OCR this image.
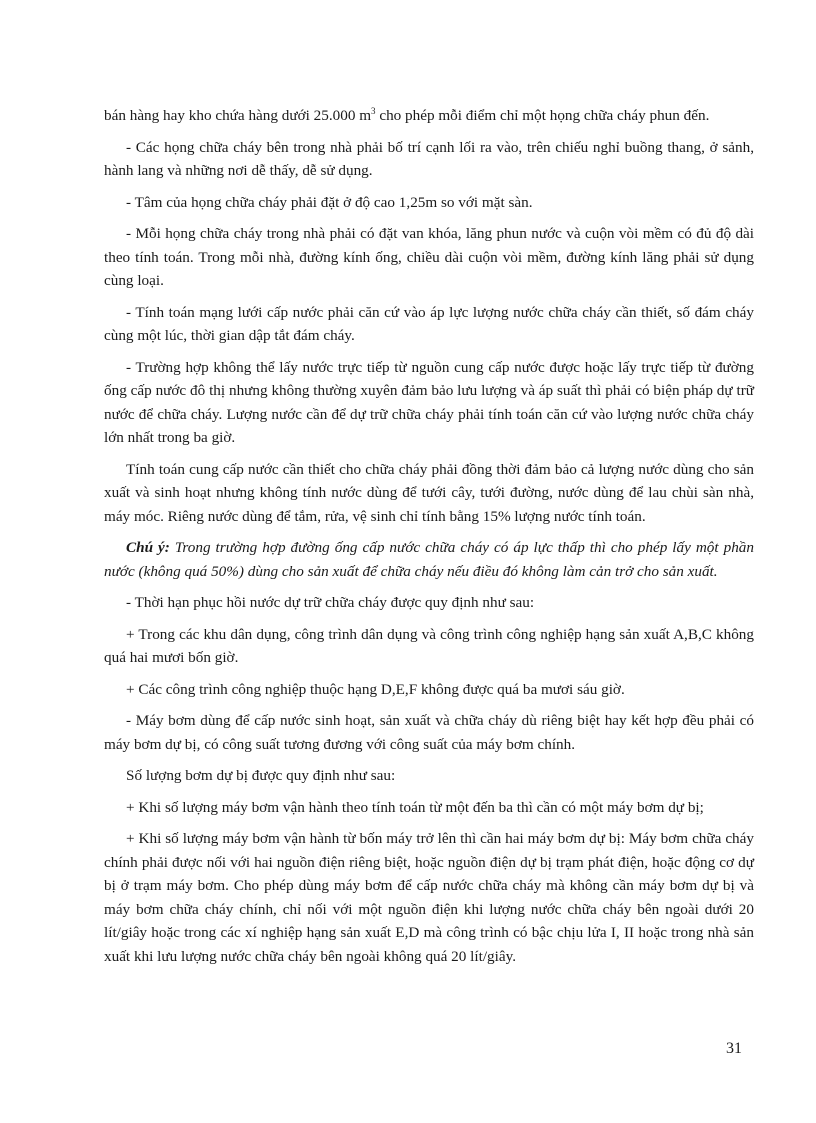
bán hàng hay kho chứa hàng dưới 25.000 $m^3$ cho phép mỗi điểm chỉ một họng chữa cháy phun đến.

- Các họng chữa cháy bên trong nhà phải bố trí cạnh lối ra vào, trên chiếu nghỉ buồng thang, ở sảnh, hành lang và những nơi dễ thấy, dễ sử dụng.

- Tâm của họng chữa cháy phải đặt ở độ cao 1,25m so với mặt sàn.

- Mỗi họng chữa cháy trong nhà phải có đặt van khóa, lăng phun nước và cuộn vòi mềm có đủ độ dài theo tính toán. Trong mỗi nhà, đường kính ống, chiều dài cuộn vòi mềm, đường kính lăng phải sử dụng cùng loại.

- Tính toán mạng lưới cấp nước phải căn cứ vào áp lực lượng nước chữa cháy cần thiết, số đám cháy cùng một lúc, thời gian dập tắt đám cháy.

- Trường hợp không thể lấy nước trực tiếp từ nguồn cung cấp nước được hoặc lấy trực tiếp từ đường ống cấp nước đô thị nhưng không thường xuyên đảm bảo lưu lượng và áp suất thì phải có biện pháp dự trữ nước để chữa cháy. Lượng nước cần để dự trữ chữa cháy phải tính toán căn cứ vào lượng nước chữa cháy lớn nhất trong ba giờ.

Tính toán cung cấp nước cần thiết cho chữa cháy phải đồng thời đảm bảo cả lượng nước dùng cho sản xuất và sinh hoạt nhưng không tính nước dùng để tưới cây, tưới đường, nước dùng để lau chùi sàn nhà, máy móc. Riêng nước dùng để tắm, rửa, vệ sinh chỉ tính bằng 15% lượng nước tính toán.

Chú ý: Trong trường hợp đường ống cấp nước chữa cháy có áp lực thấp thì cho phép lấy một phần nước (không quá 50%) dùng cho sản xuất để chữa cháy nếu điều đó không làm cản trở cho sản xuất.

- Thời hạn phục hồi nước dự trữ chữa cháy được quy định như sau:

+ Trong các khu dân dụng, công trình dân dụng và công trình công nghiệp hạng sản xuất A,B,C không quá hai mươi bốn giờ.

+ Các công trình công nghiệp thuộc hạng D,E,F không được quá ba mươi sáu giờ.

- Máy bơm dùng để cấp nước sinh hoạt, sản xuất và chữa cháy dù riêng biệt hay kết hợp đều phải có máy bơm dự bị, có công suất tương đương với công suất của máy bơm chính.

Số lượng bơm dự bị được quy định như sau:

+ Khi số lượng máy bơm vận hành theo tính toán từ một đến ba thì cần có một máy bơm dự bị;

+ Khi số lượng máy bơm vận hành từ bốn máy trở lên thì cần hai máy bơm dự bị: Máy bơm chữa cháy chính phải được nối với hai nguồn điện riêng biệt, hoặc nguồn điện dự bị trạm phát điện, hoặc động cơ dự bị ở trạm máy bơm. Cho phép dùng máy bơm để cấp nước chữa cháy mà không cần máy bơm dự bị và máy bơm chữa cháy chính, chỉ nối với một nguồn điện khi lượng nước chữa cháy bên ngoài dưới 20 lít/giây hoặc trong các xí nghiệp hạng sản xuất E,D mà công trình có bậc chịu lửa I, II hoặc trong nhà sản xuất khi lưu lượng nước chữa cháy bên ngoài không quá 20 lít/giây.

31
